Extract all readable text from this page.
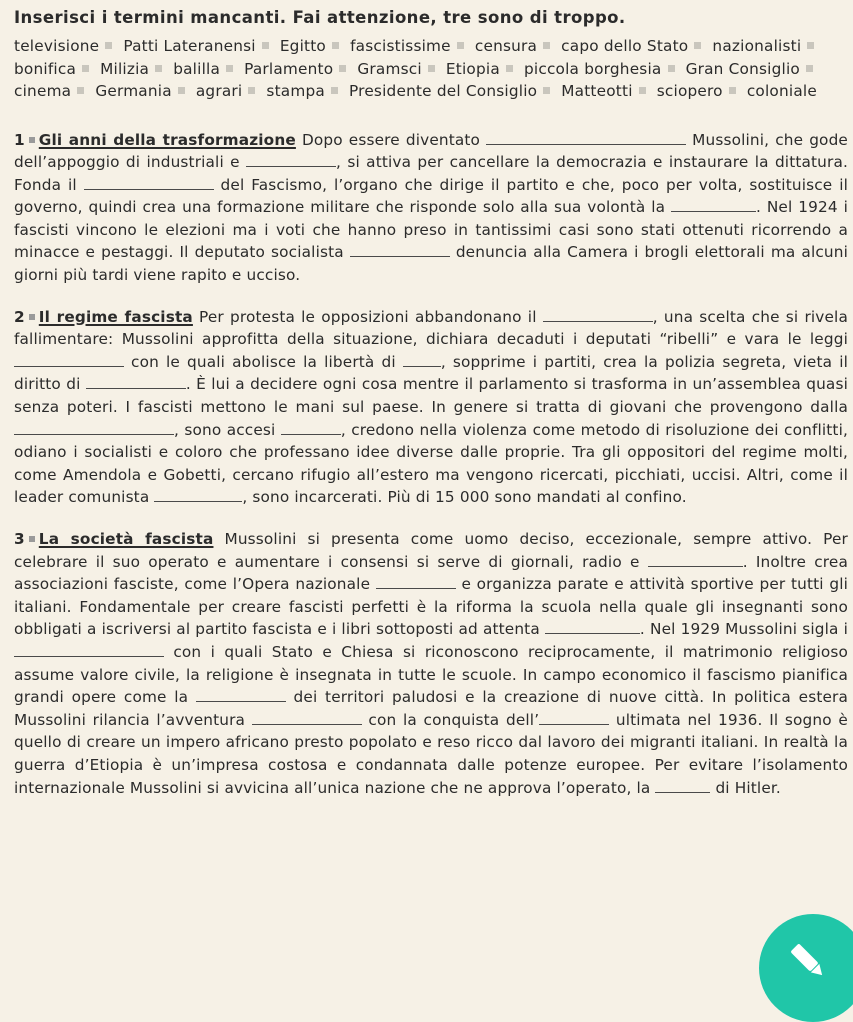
Inserisci i termini mancanti. Fai attenzione, tre sono di troppo.
televisione Patti Lateranensi Egitto fascistissime censura capo dello Stato nazionalisti bonifica Milizia balilla Parlamento Gramsci Etiopia piccola borghesia Gran Consiglio cinema Germania agrari stampa Presidente del Consiglio Matteotti sciopero coloniale

1 Gli anni della trasformazione Dopo essere diventato	Mussolini, che gode dell’appoggio di industriali e	, si attiva per cancellare la democrazia e instaurare la dittatura. Fonda il	del Fascismo, l’organo che dirige il partito e che, poco per volta, sostituisce il governo, quindi crea una formazione militare che risponde solo alla sua volontà la	. Nel 1924 i fascisti vincono le elezioni ma i voti che hanno preso in tantissimi casi sono stati ottenuti ricorrendo a minacce e pestaggi. Il deputato socialista	denuncia alla Camera i brogli elettorali ma alcuni giorni più tardi viene rapito e ucciso.

2 Il regime fascista Per protesta le opposizioni abbandonano il	, una scelta che si rivela fallimentare: Mussolini approfitta della situazione, dichiara decaduti i deputati “ribelli” e vara le leggi  con le quali abolisce la libertà di , sopprime i partiti, crea la polizia segreta, vieta il diritto di	. È lui a decidere ogni cosa mentre il parlamento si trasforma in un’assemblea quasi senza poteri. I fascisti mettono le mani sul paese. In genere si tratta di giovani che provengono dalla , sono accesi	, credono nella violenza come metodo di risoluzione dei conflitti, odiano i socialisti e coloro che professano idee diverse dalle proprie. Tra gli oppositori del regime molti, come Amendola e Gobetti, cercano rifugio all’estero ma vengono ricercati, picchiati, uccisi. Altri, come il leader comunista	, sono incarcerati. Più di 15 000 sono mandati al confino.

3 La società fascista Mussolini si presenta come uomo deciso, eccezionale, sempre attivo. Per celebrare il suo operato e aumentare i consensi si serve di giornali, radio e	. Inoltre crea associazioni fasciste, come l’Opera nazionale	e organizza parate e attività sportive per tutti gli italiani. Fondamentale per creare fascisti perfetti è la riforma la scuola nella quale gli insegnanti sono obbligati a iscriversi al partito fascista e i libri sottoposti ad attenta	. Nel 1929 Mussolini sigla i  con i quali Stato e Chiesa si riconoscono reciprocamente, il matrimonio religioso assume valore civile, la religione è insegnata in tutte le scuole. In campo economico il fascismo pianifica grandi opere come la	dei territori paludosi e la creazione di nuove città. In politica estera Mussolini rilancia l’avventura	con la conquista dell’	ultimata nel 1936. Il sogno è quello di creare un impero africano presto popolato e reso ricco dal lavoro dei migranti italiani. In realtà la guerra d’Etiopia è un’impresa costosa e condannata dalle potenze europee. Per evitare l’isolamento internazionale Mussolini si avvicina all’unica nazione che ne approva l’operato, la	di Hitler.
